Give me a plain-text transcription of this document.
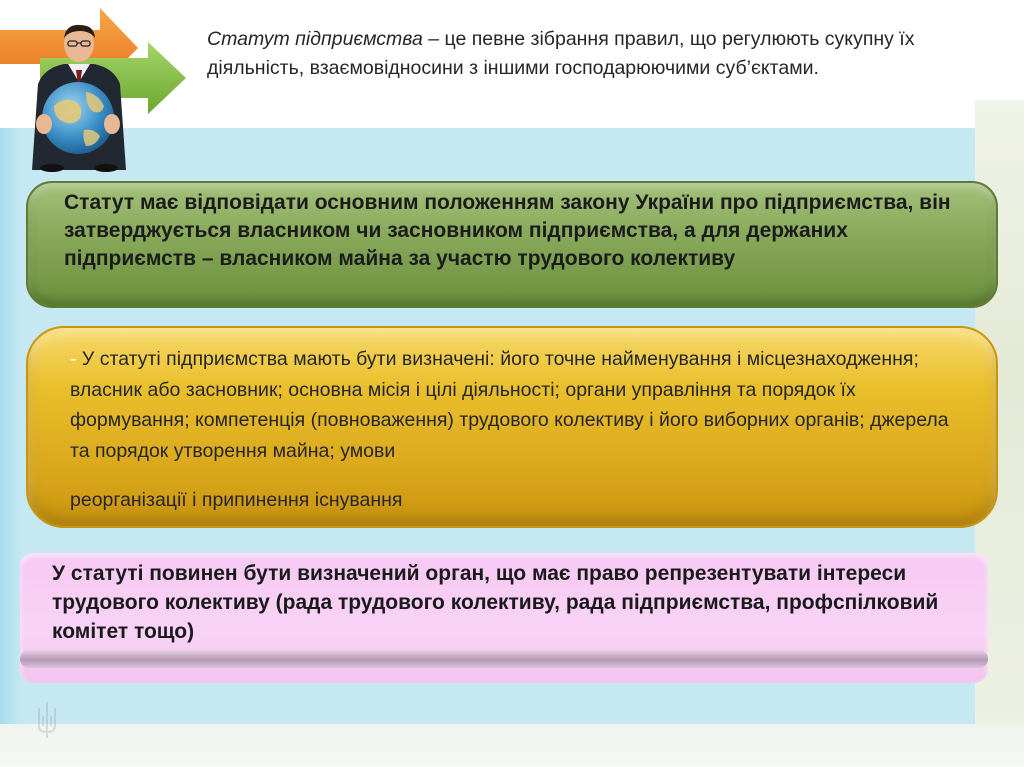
Статут підприємства – це певне зібрання правил, що регулюють сукупну їх діяльність, взаємовідносини з іншими господарюючими суб’єктами.
Статут має відповідати основним положенням закону України про підприємства, він затверджується власником чи засновником підприємства, а для держаних підприємств – власником майна за участю трудового колективу
- У статуті підприємства мають бути визначені: його точне найменування і місцезнаходження; власник або засновник; основна місія і цілі діяльності; органи управління та порядок їх формування; компетенція (повноваження) трудового колективу і його виборних органів; джерела та порядок утворення майна; умови
реорганізації і припинення існування
У статуті повинен бути визначений орган, що має право репрезентувати інтереси трудового колективу (рада трудового колективу, рада підприємства, профспілковий комітет тощо)
